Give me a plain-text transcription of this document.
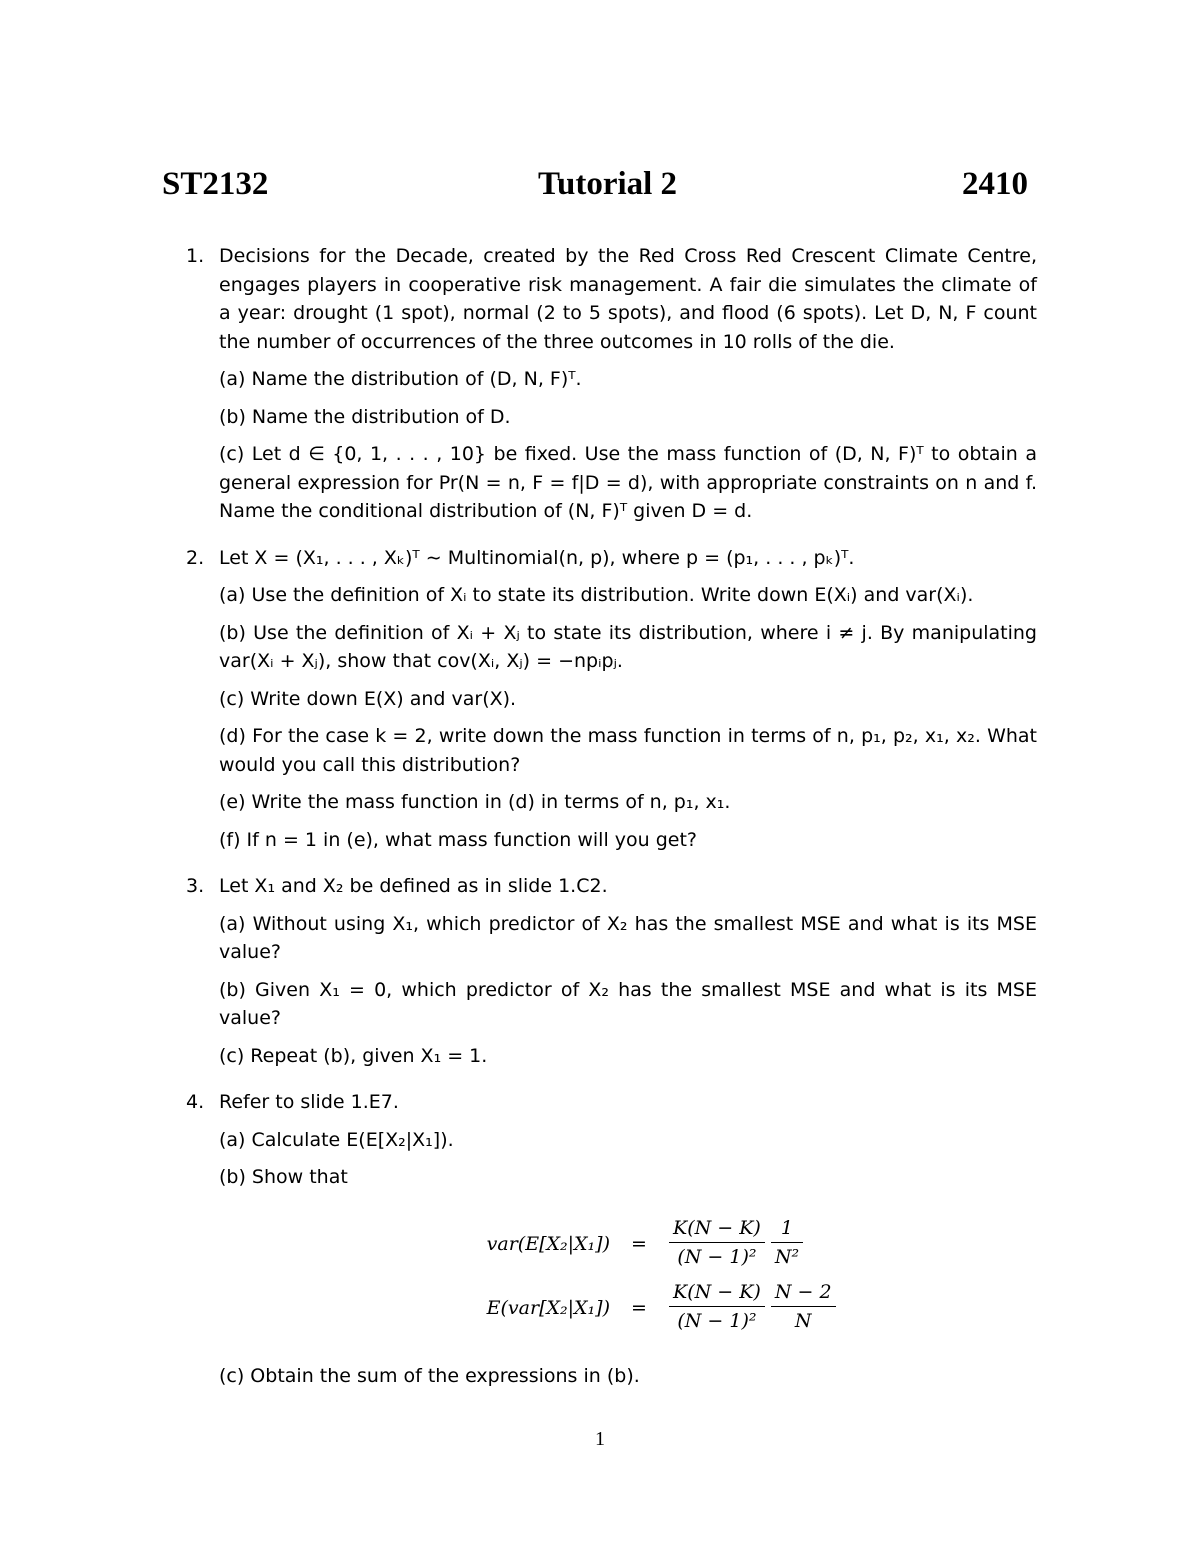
ST2132	Tutorial 2	2410
1. Decisions for the Decade, created by the Red Cross Red Crescent Climate Centre, engages players in cooperative risk management. A fair die simulates the climate of a year: drought (1 spot), normal (2 to 5 spots), and flood (6 spots). Let D, N, F count the number of occurrences of the three outcomes in 10 rolls of the die.
(a) Name the distribution of (D, N, F)ᵀ.
(b) Name the distribution of D.
(c) Let d ∈ {0, 1, . . . , 10} be fixed. Use the mass function of (D, N, F)ᵀ to obtain a general expression for Pr(N = n, F = f|D = d), with appropriate constraints on n and f. Name the conditional distribution of (N, F)ᵀ given D = d.
2. Let X = (X₁, . . . , Xₖ)ᵀ ∼ Multinomial(n, p), where p = (p₁, . . . , pₖ)ᵀ.
(a) Use the definition of Xᵢ to state its distribution. Write down E(Xᵢ) and var(Xᵢ).
(b) Use the definition of Xᵢ + Xⱼ to state its distribution, where i ≠ j. By manipulating var(Xᵢ + Xⱼ), show that cov(Xᵢ, Xⱼ) = −npᵢpⱼ.
(c) Write down E(X) and var(X).
(d) For the case k = 2, write down the mass function in terms of n, p₁, p₂, x₁, x₂. What would you call this distribution?
(e) Write the mass function in (d) in terms of n, p₁, x₁.
(f) If n = 1 in (e), what mass function will you get?
3. Let X₁ and X₂ be defined as in slide 1.C2.
(a) Without using X₁, which predictor of X₂ has the smallest MSE and what is its MSE value?
(b) Given X₁ = 0, which predictor of X₂ has the smallest MSE and what is its MSE value?
(c) Repeat (b), given X₁ = 1.
4. Refer to slide 1.E7.
(a) Calculate E(E[X₂|X₁]).
(b) Show that
$var(E[X_2|X_1]) = \frac{K(N - K)}{\text{(N − 1)²}} \frac{1}{\text{N²}}$
$E(var[X_2|X_1]) = \frac{K(N - K)}{\text{(N − 1)²}} \frac{N - 2}{N}$
(c) Obtain the sum of the expressions in (b).
1
